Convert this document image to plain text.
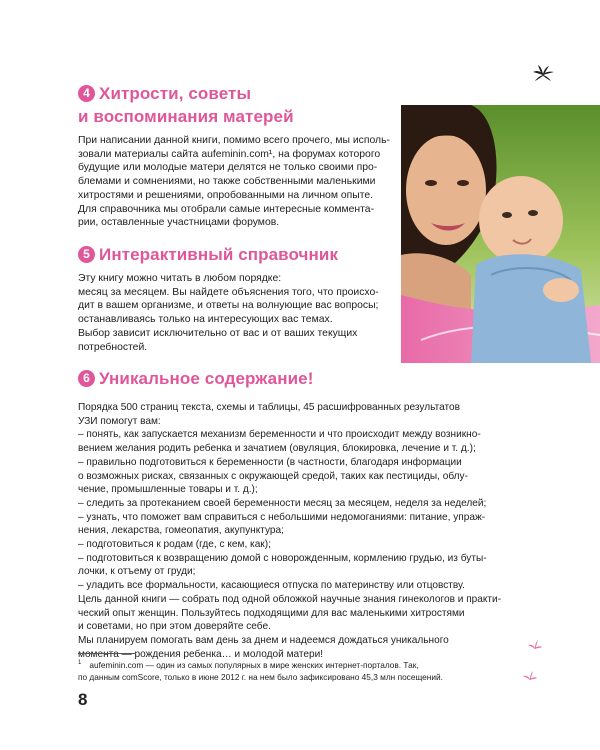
4 Хитрости, советы
и воспоминания матерей

При написании данной книги, помимо всего прочего, мы исполь-

зовали материалы сайта aufeminin.com¹, на форумах которого

будущие или молодые матери делятся не только своими про-

блемами и сомнениями, но также собственными маленькими

хитростями и решениями, опробованными на личном опыте.

Для справочника мы отобрали самые интересные коммента-

рии, оставленные участницами форумов.

5 Интерактивный справочник

Эту книгу можно читать в любом порядке:

месяц за месяцем. Вы найдете объяснения того, что происхо-

дит в вашем организме, и ответы на волнующие вас вопросы;

останавливаясь только на интересующих вас темах.

Выбор зависит исключительно от вас и от ваших текущих

потребностей.

6 Уникальное содержание!

Порядка 500 страниц текста, схемы и таблицы, 45 расшифрованных результатов

УЗИ помогут вам:

– понять, как запускается механизм беременности и что происходит между возникно-

вением желания родить ребенка и зачатием (овуляция, блокировка, лечение и т. д.);

– правильно подготовиться к беременности (в частности, благодаря информации

о возможных рисках, связанных с окружающей средой, таких как пестициды, облу-

чение, промышленные товары и т. д.);

– следить за протеканием своей беременности месяц за месяцем, неделя за неделей;

– узнать, что поможет вам справиться с небольшими недомоганиями: питание, упраж-

нения, лекарства, гомеопатия, акупунктура;

– подготовиться к родам (где, с кем, как);

– подготовиться к возвращению домой с новорожденным, кормлению грудью, из буты-

лочки, к отъему от груди;

– уладить все формальности, касающиеся отпуска по материнству или отцовству.

Цель данной книги — собрать под одной обложкой научные знания гинекологов и практи-

ческий опыт женщин. Пользуйтесь подходящими для вас маленькими хитростями

и советами, но при этом доверяйте себе.

Мы планируем помогать вам день за днем и надеемся дождаться уникального

момента — рождения ребенка… и молодой матери!

$^1$ aufeminin.com — один из самых популярных в мире женских интернет-порталов. Так,
по данным comScore, только в июне 2012 г. на нем было зафиксировано 45,3 млн посещений.
8
